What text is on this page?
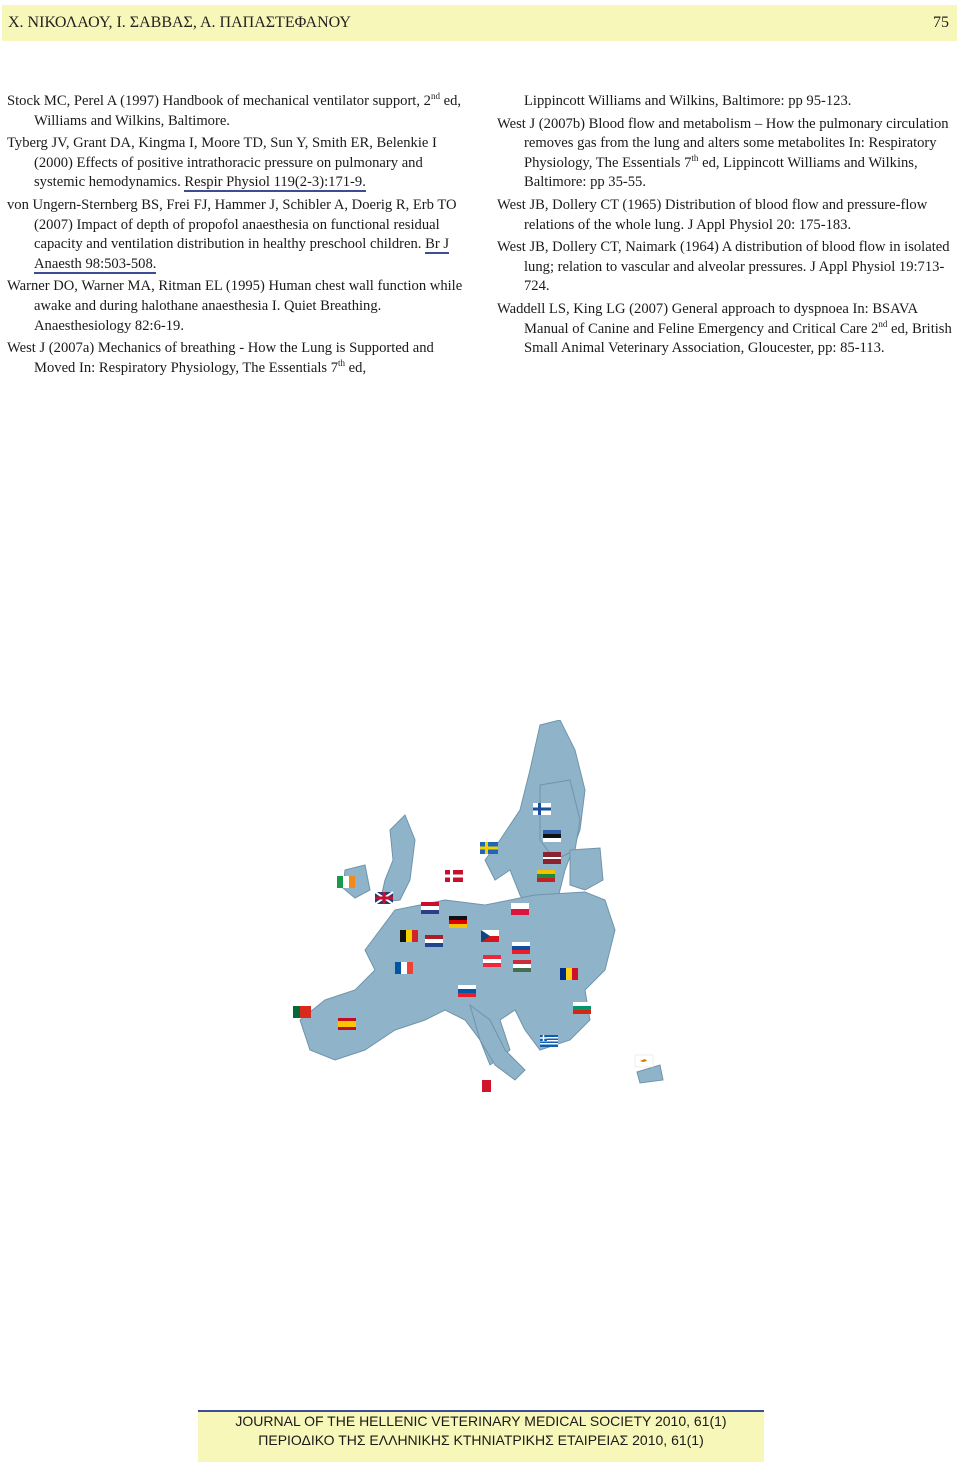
Χ. ΝΙΚΟΛΑΟΥ, Ι. ΣΑΒΒΑΣ, Α. ΠΑΠΑΣΤΕΦΑΝΟΥ	75

Stock MC, Perel A (1997) Handbook of mechanical ventilator support, 2nd ed, Williams and Wilkins, Baltimore.

Tyberg JV, Grant DA, Kingma I, Moore TD, Sun Y, Smith ER, Belenkie I (2000) Effects of positive intrathoracic pressure on pulmonary and systemic hemodynamics. Respir Physiol 119(2-3):171-9.

von Ungern-Sternberg BS, Frei FJ, Hammer J, Schibler A, Doerig R, Erb TO (2007) Impact of depth of propofol anaesthesia on functional residual capacity and ventilation distribution in healthy preschool children. Br J Anaesth 98:503-508.

Warner DO, Warner MA, Ritman EL (1995) Human chest wall function while awake and during halothane anaesthesia I. Quiet Breathing. Anaesthesiology 82:6-19.

West J (2007a) Mechanics of breathing - How the Lung is Supported and Moved In: Respiratory Physiology, The Essentials 7th ed,

Lippincott Williams and Wilkins, Baltimore: pp 95-123.

West J (2007b) Blood flow and metabolism – How the pulmonary circulation removes gas from the lung and alters some metabolites In: Respiratory Physiology, The Essentials 7th ed, Lippincott Williams and Wilkins, Baltimore: pp 35-55.

West JB, Dollery CT (1965) Distribution of blood flow and pressure-flow relations of the whole lung. J Appl Physiol 20: 175-183.

West JB, Dollery CT, Naimark (1964) A distribution of blood flow in isolated lung; relation to vascular and alveolar pressures. J Appl Physiol 19:713-724.

Waddell LS, King LG (2007) General approach to dyspnoea In: BSAVA Manual of Canine and Feline Emergency and Critical Care 2nd ed, British Small Animal Veterinary Association, Gloucester, pp: 85-113.

JOURNAL OF THE HELLENIC VETERINARY MEDICAL SOCIETY 2010, 61(1)
ΠΕΡΙΟΔΙΚΟ ΤΗΣ ΕΛΛΗΝΙΚΗΣ ΚΤΗΝΙΑΤΡΙΚΗΣ ΕΤΑΙΡΕΙΑΣ 2010, 61(1)
